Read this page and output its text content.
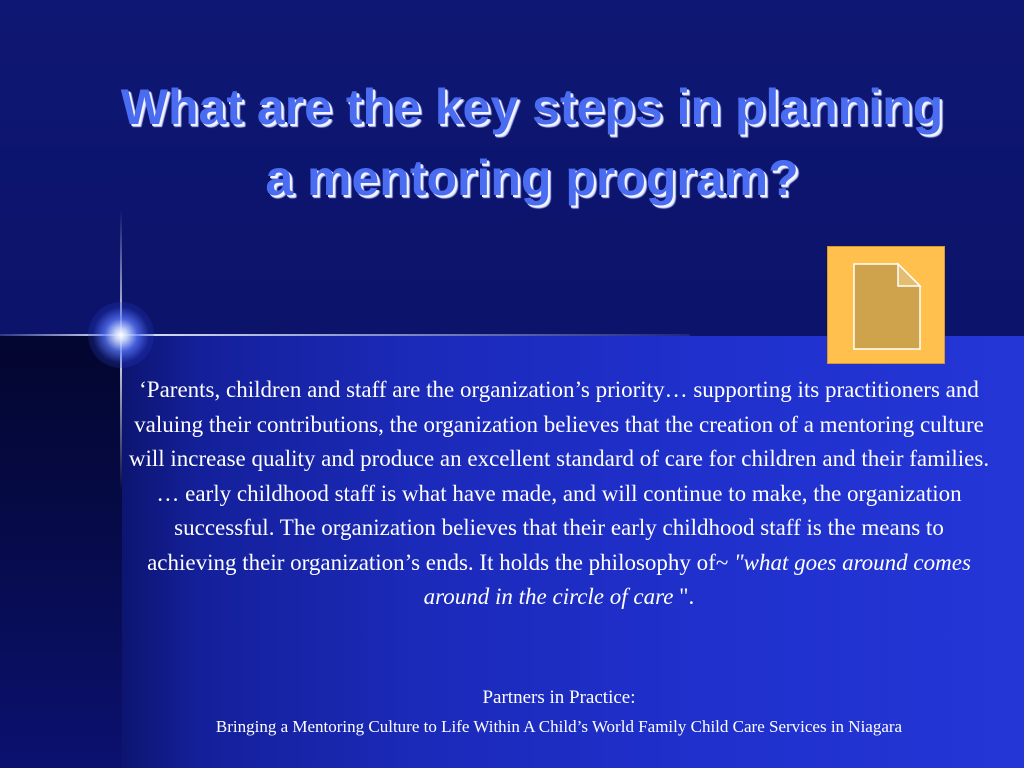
What are the key steps in planning a mentoring program?

‘Parents, children and staff are the organization’s priority… supporting its practitioners and valuing their contributions, the organization believes that the creation of a mentoring culture will increase quality and produce an excellent standard of care for children and their families. … early childhood staff is what have made, and will continue to make, the organization successful. The organization believes that their early childhood staff is the means to achieving their organization’s ends. It holds the philosophy of~ "what goes around comes around in the circle of care ".

Partners in Practice:
Bringing a Mentoring Culture to Life Within A Child’s World Family Child Care Services in Niagara
